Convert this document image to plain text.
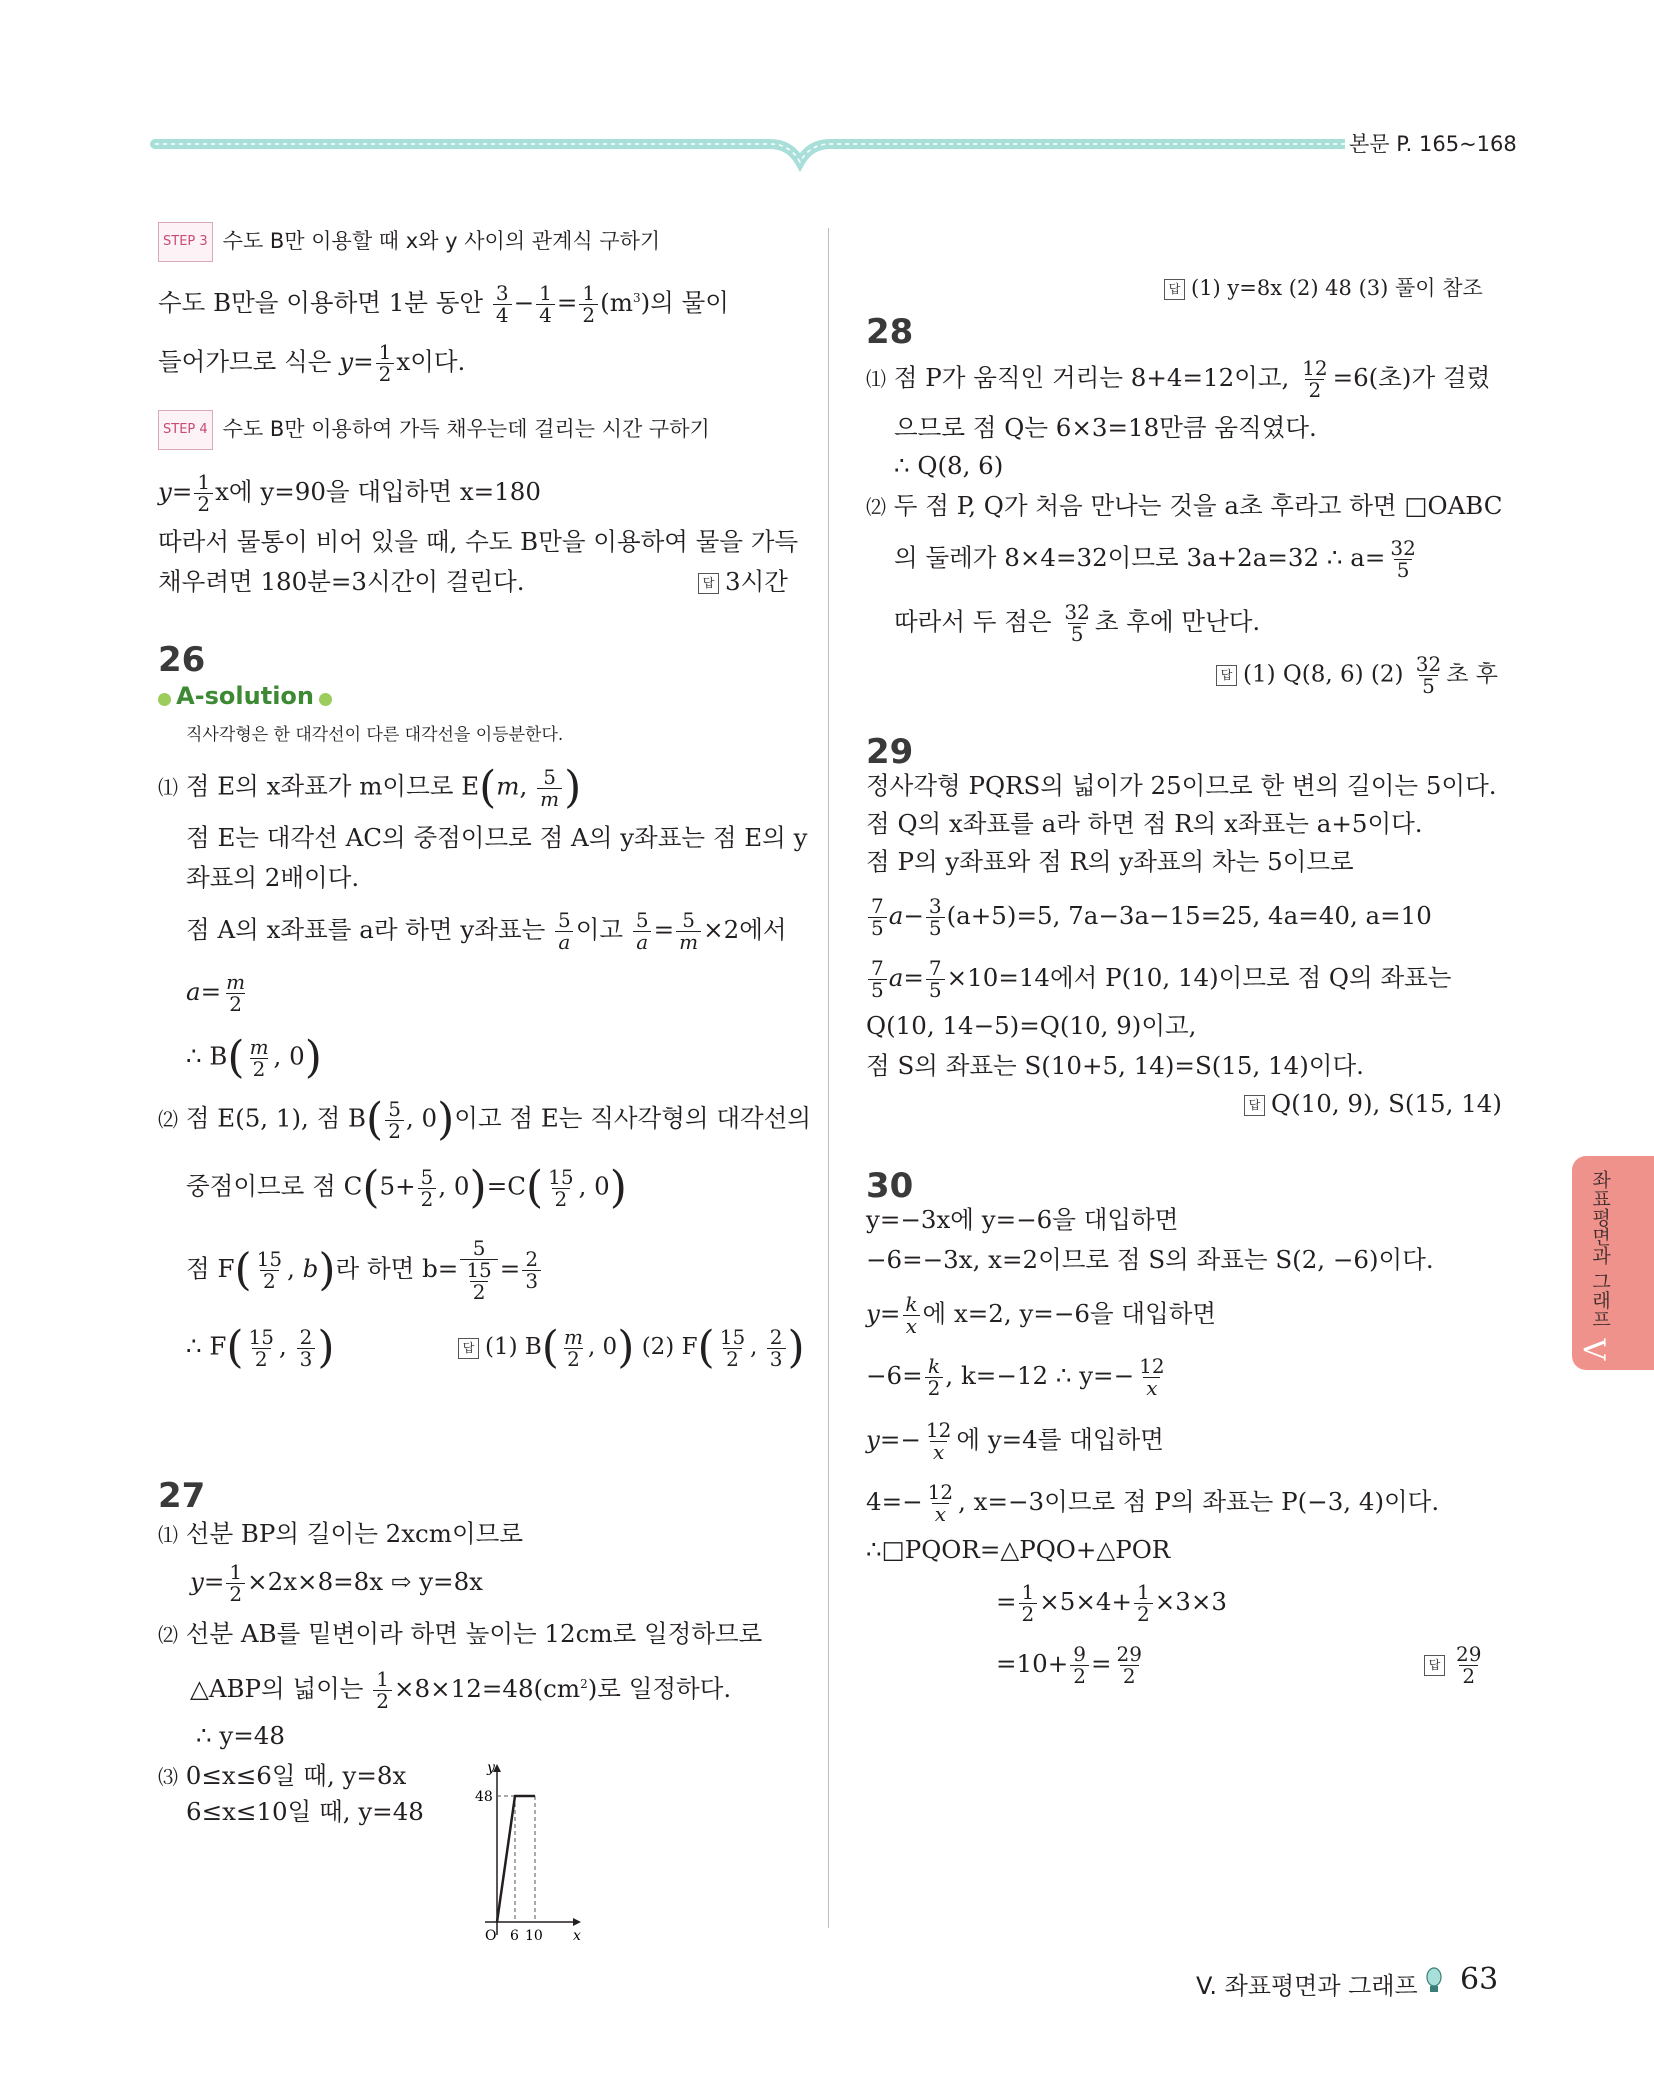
본문 P. 165~168
STEP 3 수도 B만 이용할 때 x와 y 사이의 관계식 구하기
수도 B만을 이용하면 1분 동안 $\frac{3}{4} - \frac{1}{4} = \frac{1}{2} (m^3)$의 물이
들어가므로 식은 $y= \frac{1}{2}$ x이다.
STEP 4 수도 B만 이용하여 가득 채우는데 걸리는 시간 구하기
$y= \frac{1}{2}$ x에 y=90을 대입하면 x=180
따라서 물통이 비어 있을 때, 수도 B만을 이용하여 물을 가득
채우려면 180분=3시간이 걸린다.	답 3시간
26
A-solution
직사각형은 한 대각선이 다른 대각선을 이등분한다.
⑴ 점 E의 x좌표가 m이므로 E(m, $\frac{5}{m}$ )
점 E는 대각선 AC의 중점이므로 점 A의 y좌표는 점 E의 y
좌표의 2배이다.
점 A의 x좌표를 a라 하면 y좌표는 $\frac{5}{a}$ 이고 $\frac{5}{a} = \frac{5}{m} \times 2$에서
$a= \frac{m}{2}$
∴ $B( \frac{m}{2}$ , 0)
⑵ 점 E(5, 1), 점 $B( \frac{5}{2}$ , 0)이고 점 E는 직사각형의 대각선의
중점이므로 점 $C(5+ \frac{5}{2}$ , $0)=C( \frac{15}{2}$ , 0)
점 $F( \frac{15}{2}$ , b)라 하면 $b= \frac{5}{\frac{15}{2}} = \frac{2}{3}$
∴ $F( \frac{15}{2}$ , $\frac{2}{3}$ )	답 (1) $B( \frac{m}{2}$ , 0) (2) $F( \frac{15}{2}$ , $\frac{2}{3}$ )
27
⑴ 선분 BP의 길이는 2xcm이므로
$y= \frac{1}{2} \times 2x\times 8=8x$ ⇨ y=8x
⑵ 선분 AB를 밑변이라 하면 높이는 12cm로 일정하므로
△ABP의 넓이는 $\frac{1}{2} \times 8\times 12=48(cm^2)$로 일정하다.
∴ y=48
⑶ 0≤x≤6일 때, y=8x
6≤x≤10일 때, y=48
y
x
48
O 6 10
답 (1) y=8x (2) 48 (3) 풀이 참조
28
⑴ 점 P가 움직인 거리는 8+4=12이고, $\frac{12}{2} =6$(초)가 걸렸
으므로 점 Q는 6×3=18만큼 움직였다.
∴ Q(8, 6)
⑵ 두 점 P, Q가 처음 만나는 것을 a초 후라고 하면 □OABC
의 둘레가 8×4=32이므로 3a+2a=32 ∴ $a= \frac{32}{5}$
따라서 두 점은 $\frac{32}{5}$ 초 후에 만난다.
답 (1) Q(8, 6) $(2) \frac{32}{5}$ 초 후
29
정사각형 PQRS의 넓이가 25이므로 한 변의 길이는 5이다.
점 Q의 x좌표를 a라 하면 점 R의 x좌표는 a+5이다.
점 P의 y좌표와 점 R의 y좌표의 차는 5이므로
$\frac{7}{5} a- \frac{3}{5} (a+5)=5$, 7a−3a−15=25, 4a=40, a=10
$\frac{7}{5} a= \frac{7}{5} \times 10=14$에서 P(10, 14)이므로 점 Q의 좌표는
Q(10, 14−5)=Q(10, 9)이고,
점 S의 좌표는 S(10+5, 14)=S(15, 14)이다.
답 Q(10, 9), S(15, 14)
30
y=−3x에 y=−6을 대입하면
−6=−3x, x=2이므로 점 S의 좌표는 S(2, −6)이다.
$y= \frac{k}{x}$ 에 x=2, y=−6을 대입하면
$-6= \frac{k}{2}$ , k=−12 ∴ $y=- \frac{12}{x}$
$y=- \frac{12}{x}$ 에 y=4를 대입하면
$4=- \frac{12}{x}$ , x=−3이므로 점 P의 좌표는 P(−3, 4)이다.
∴□PQOR=△PQO+△POR
= $\frac{1}{2} \times 5\times 4+ \frac{1}{2} \times 3\times 3$
$=10+ \frac{9}{2} = \frac{29}{2}$	답 $\frac{29}{2}$
좌표평면과 그래프
V
V. 좌표평면과 그래프 63
